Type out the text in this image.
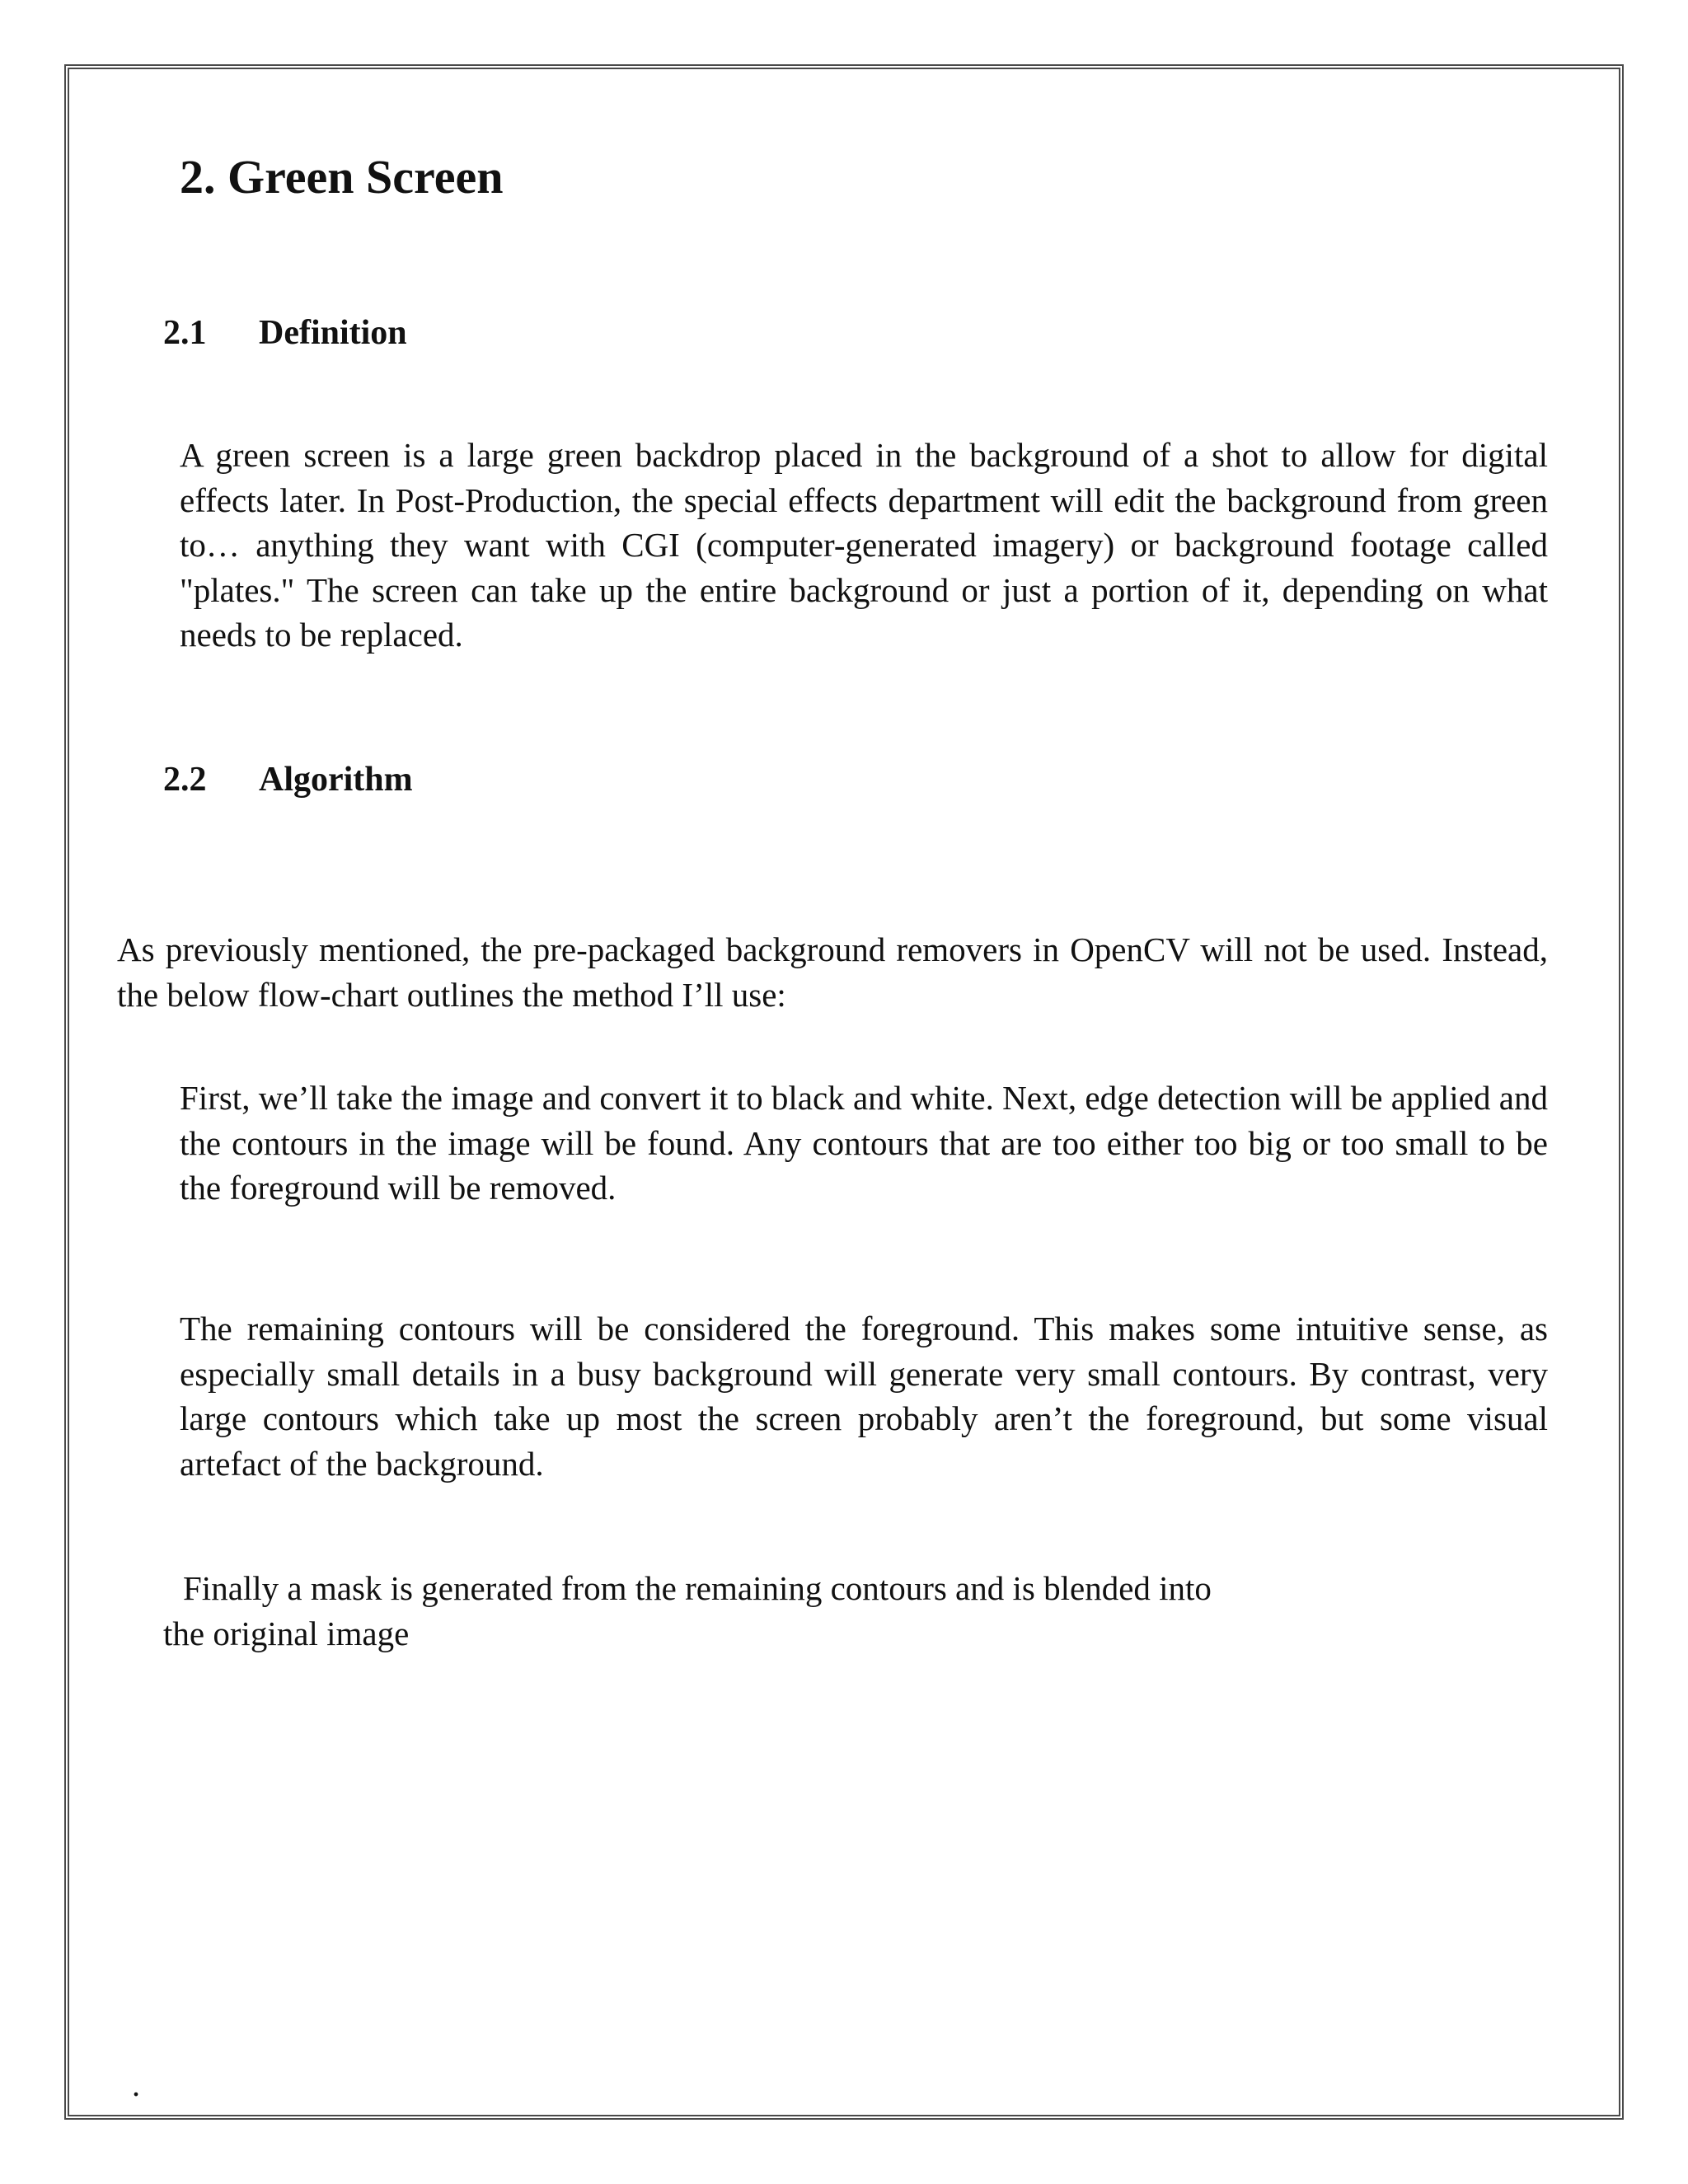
2. Green Screen
2.1	Definition

A green screen is a large green backdrop placed in the background of a shot to allow for digital effects later. In Post-Production, the special effects department will edit the background from green to… anything they want with CGI (computer-generated imagery) or background footage called "plates." The screen can take up the entire background or just a portion of it, depending on what needs to be replaced.

2.2	Algorithm

As previously mentioned, the pre-packaged background removers in OpenCV will not be used. Instead, the below flow-chart outlines the method I’ll use:

First, we’ll take the image and convert it to black and white. Next, edge detection will be applied and the contours in the image will be found. Any contours that are too either too big or too small to be the foreground will be removed.

The remaining contours will be considered the foreground. This makes some intuitive sense, as especially small details in a busy background will generate very small contours. By contrast, very large contours which take up most the screen probably aren’t the foreground, but some visual artefact of the background.

Finally a mask is generated from the remaining contours and is blended into
the original image

.
